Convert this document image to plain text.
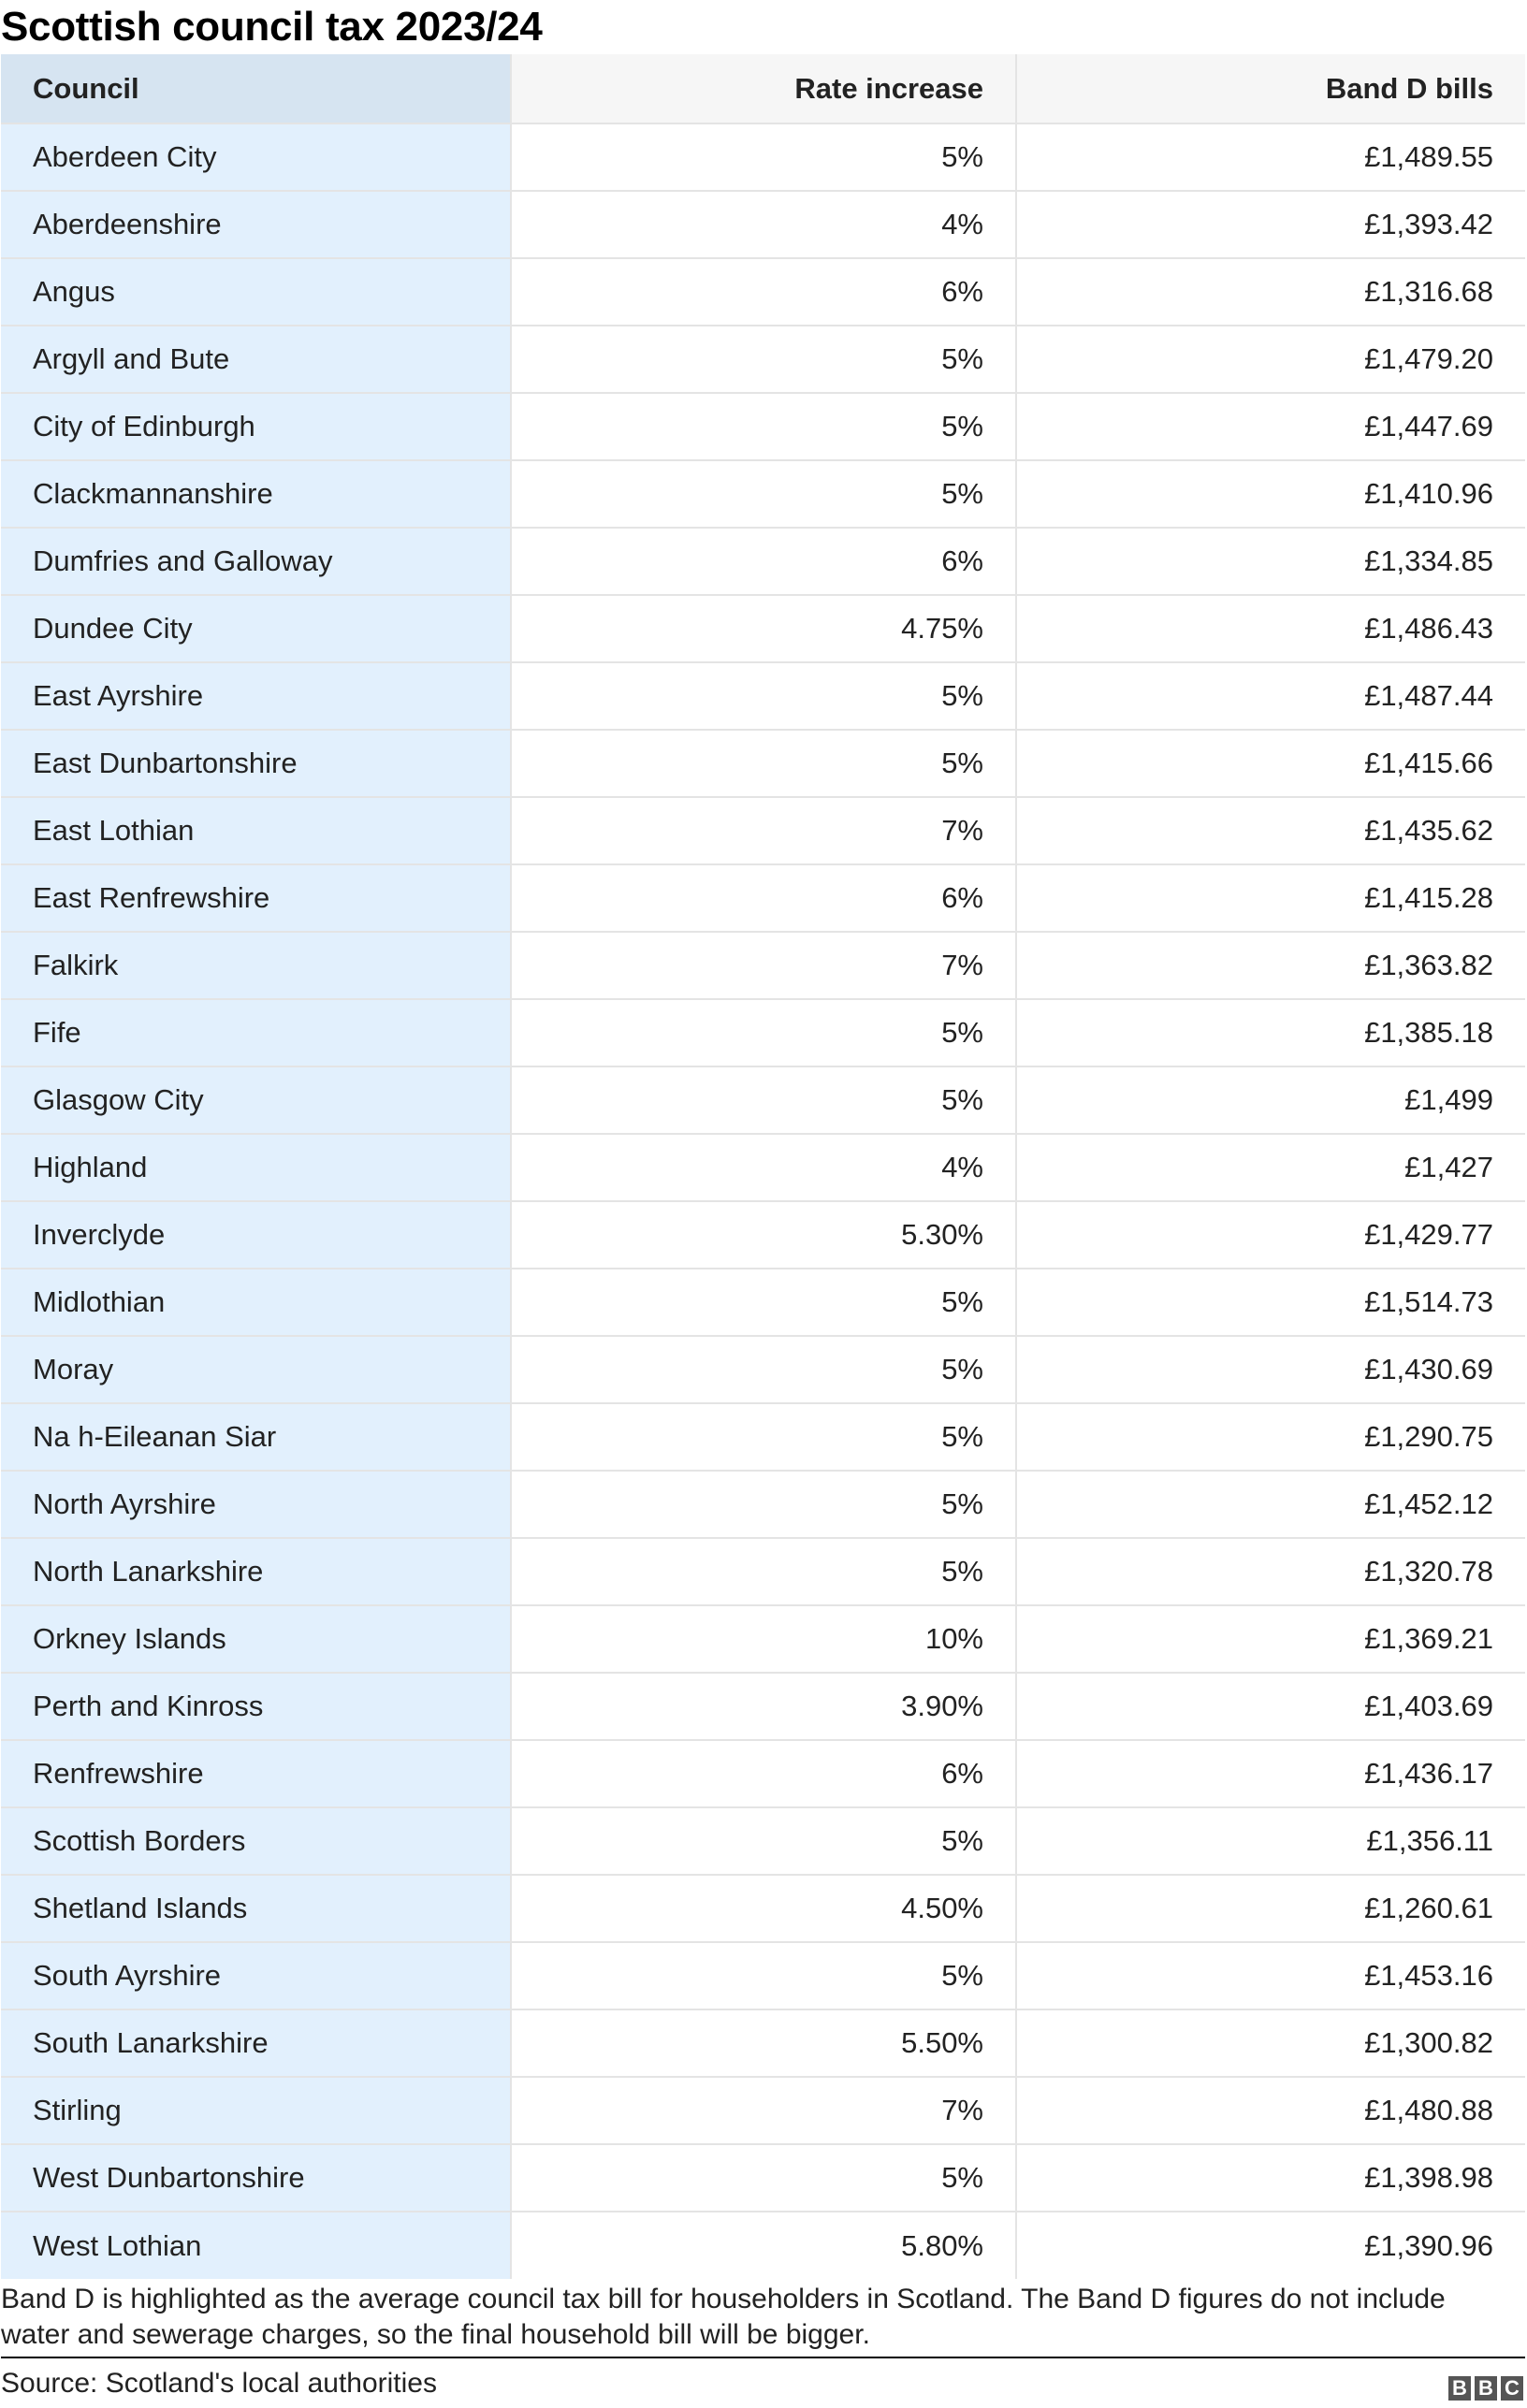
Scottish council tax 2023/24
Council	Rate increase	Band D bills
Aberdeen City	5%	£1,489.55
Aberdeenshire	4%	£1,393.42
Angus	6%	£1,316.68
Argyll and Bute	5%	£1,479.20
City of Edinburgh	5%	£1,447.69
Clackmannanshire	5%	£1,410.96
Dumfries and Galloway	6%	£1,334.85
Dundee City	4.75%	£1,486.43
East Ayrshire	5%	£1,487.44
East Dunbartonshire	5%	£1,415.66
East Lothian	7%	£1,435.62
East Renfrewshire	6%	£1,415.28
Falkirk	7%	£1,363.82
Fife	5%	£1,385.18
Glasgow City	5%	£1,499
Highland	4%	£1,427
Inverclyde	5.30%	£1,429.77
Midlothian	5%	£1,514.73
Moray	5%	£1,430.69
Na h-Eileanan Siar	5%	£1,290.75
North Ayrshire	5%	£1,452.12
North Lanarkshire	5%	£1,320.78
Orkney Islands	10%	£1,369.21
Perth and Kinross	3.90%	£1,403.69
Renfrewshire	6%	£1,436.17
Scottish Borders	5%	£1,356.11
Shetland Islands	4.50%	£1,260.61
South Ayrshire	5%	£1,453.16
South Lanarkshire	5.50%	£1,300.82
Stirling	7%	£1,480.88
West Dunbartonshire	5%	£1,398.98
West Lothian	5.80%	£1,390.96
Band D is highlighted as the average council tax bill for householders in Scotland. The Band D figures do not include water and sewerage charges, so the final household bill will be bigger.
Source: Scotland's local authorities	B B C
